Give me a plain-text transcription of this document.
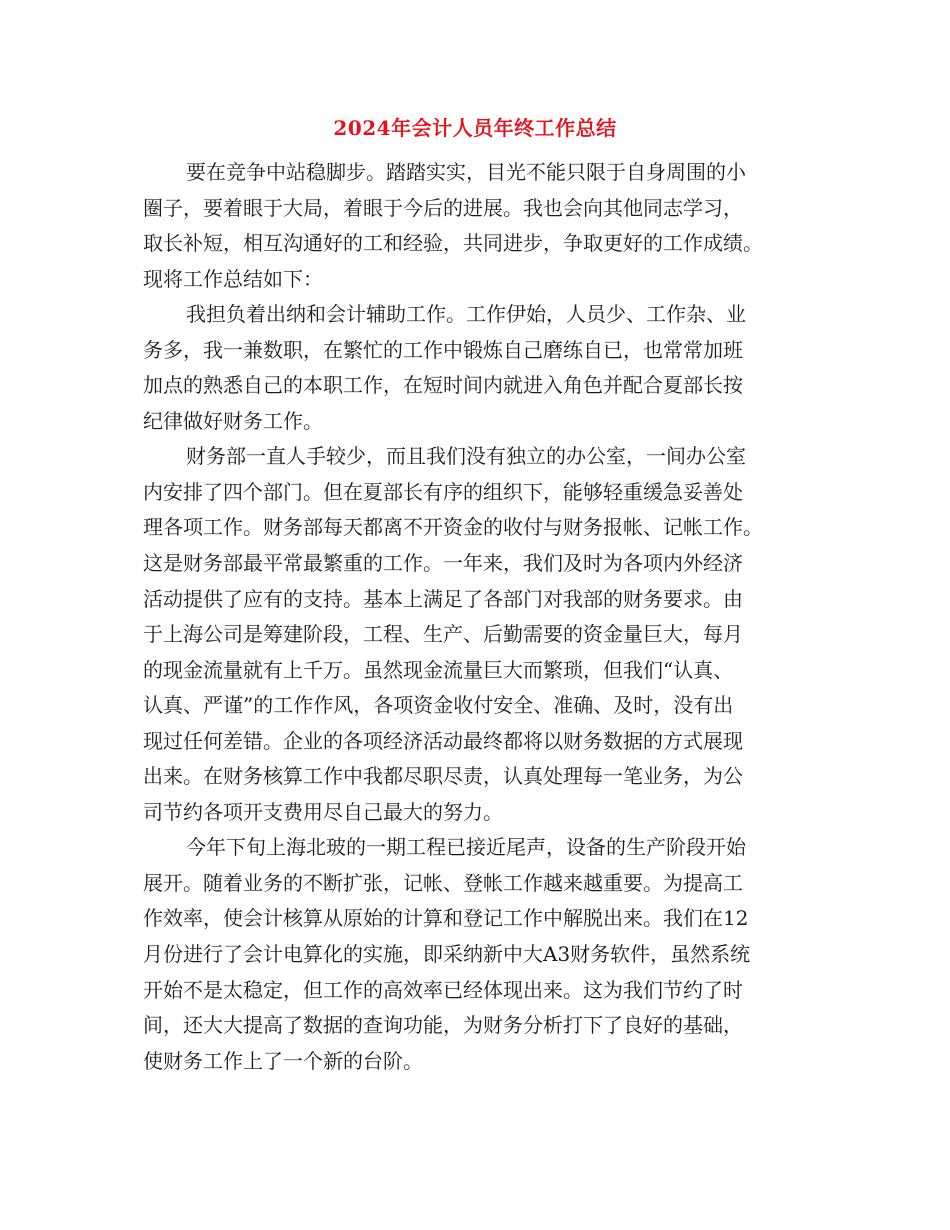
2024年会计人员年终工作总结
要在竞争中站稳脚步。踏踏实实，目光不能只限于自身周围的小
圈子，要着眼于大局，着眼于今后的进展。我也会向其他同志学习，
取长补短，相互沟通好的工和经验，共同进步，争取更好的工作成绩。
现将工作总结如下：
我担负着出纳和会计辅助工作。工作伊始，人员少、工作杂、业
务多，我一兼数职，在繁忙的工作中锻炼自己磨练自已，也常常加班
加点的熟悉自己的本职工作，在短时间内就进入角色并配合夏部长按
纪律做好财务工作。
财务部一直人手较少，而且我们没有独立的办公室，一间办公室
内安排了四个部门。但在夏部长有序的组织下，能够轻重缓急妥善处
理各项工作。财务部每天都离不开资金的收付与财务报帐、记帐工作。
这是财务部最平常最繁重的工作。一年来，我们及时为各项内外经济
活动提供了应有的支持。基本上满足了各部门对我部的财务要求。由
于上海公司是筹建阶段，工程、生产、后勤需要的资金量巨大，每月
的现金流量就有上千万。虽然现金流量巨大而繁琐，但我们“认真、
认真、严谨”的工作作风，各项资金收付安全、准确、及时，没有出
现过任何差错。企业的各项经济活动最终都将以财务数据的方式展现
出来。在财务核算工作中我都尽职尽责，认真处理每一笔业务，为公
司节约各项开支费用尽自己最大的努力。
今年下旬上海北玻的一期工程已接近尾声，设备的生产阶段开始
展开。随着业务的不断扩张，记帐、登帐工作越来越重要。为提高工
作效率，使会计核算从原始的计算和登记工作中解脱出来。我们在12
月份进行了会计电算化的实施，即采纳新中大A3财务软件，虽然系统
开始不是太稳定，但工作的高效率已经体现出来。这为我们节约了时
间，还大大提高了数据的查询功能，为财务分析打下了良好的基础，
使财务工作上了一个新的台阶。
